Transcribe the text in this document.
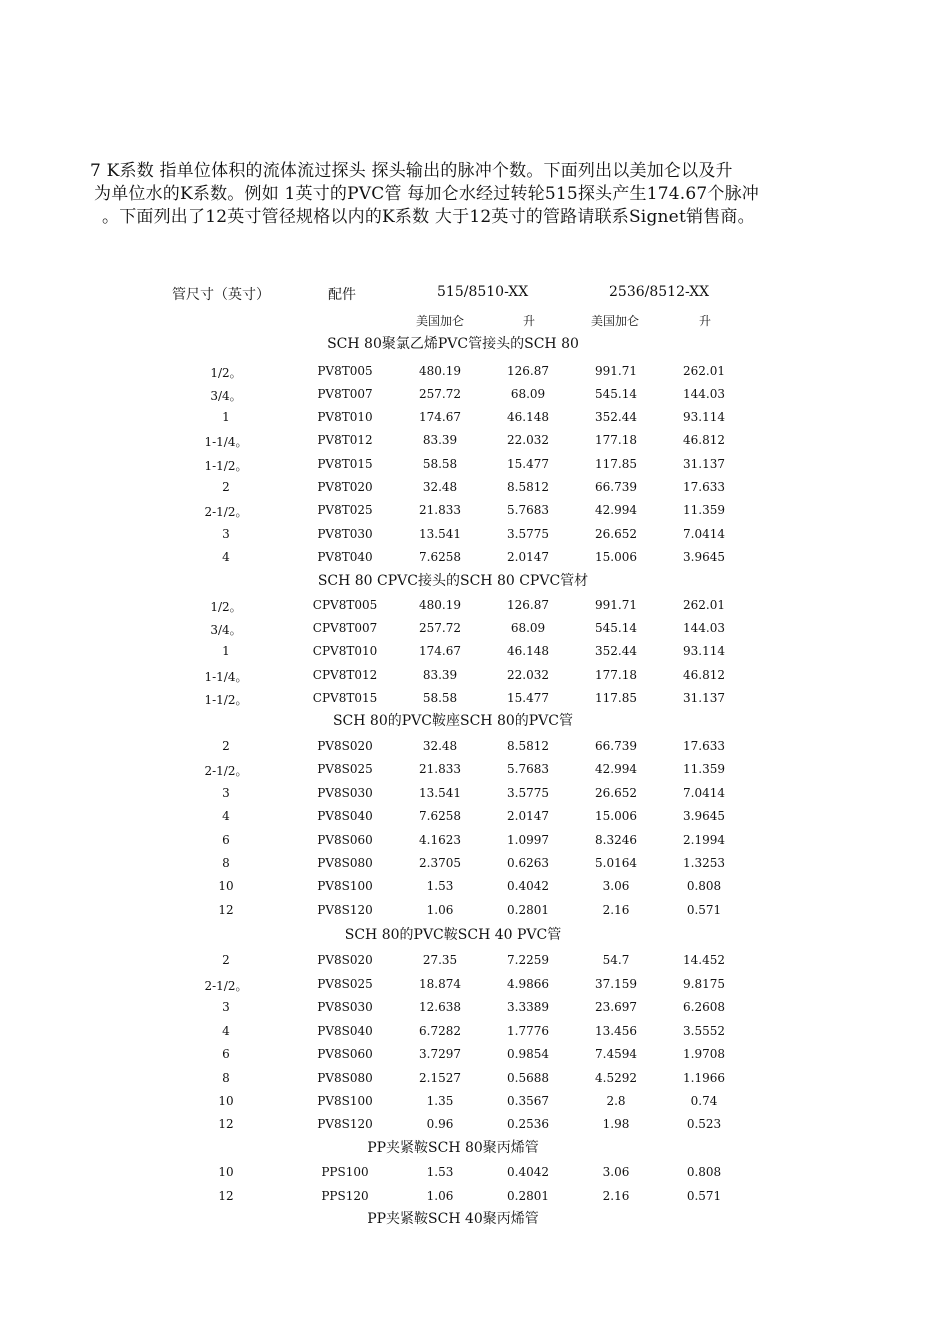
7 K系数 指单位体积的流体流过探头 探头输出的脉冲个数。下面列出以美加仑以及升

为单位水的K系数。例如 1英寸的PVC管 每加仑水经过转轮515探头产生174.67个脉冲

。下面列出了12英寸管径规格以内的K系数 大于12英寸的管路请联系Signet销售商。

管尺寸（英寸）	配件	515/8510-XX	2536/8512-XX
美国加仑	升	美国加仑	升
SCH 80聚氯乙烯PVC管接头的SCH 80
1/2。	PV8T005	480.19	126.87	991.71	262.01
3/4。	PV8T007	257.72	68.09	545.14	144.03
1	PV8T010	174.67	46.148	352.44	93.114
1-1/4。	PV8T012	83.39	22.032	177.18	46.812
1-1/2。	PV8T015	58.58	15.477	117.85	31.137
2	PV8T020	32.48	8.5812	66.739	17.633
2-1/2。	PV8T025	21.833	5.7683	42.994	11.359
3	PV8T030	13.541	3.5775	26.652	7.0414
4	PV8T040	7.6258	2.0147	15.006	3.9645
SCH 80 CPVC接头的SCH 80 CPVC管材
1/2。	CPV8T005	480.19	126.87	991.71	262.01
3/4。	CPV8T007	257.72	68.09	545.14	144.03
1	CPV8T010	174.67	46.148	352.44	93.114
1-1/4。	CPV8T012	83.39	22.032	177.18	46.812
1-1/2。	CPV8T015	58.58	15.477	117.85	31.137
SCH 80的PVC鞍座SCH 80的PVC管
2	PV8S020	32.48	8.5812	66.739	17.633
2-1/2。	PV8S025	21.833	5.7683	42.994	11.359
3	PV8S030	13.541	3.5775	26.652	7.0414
4	PV8S040	7.6258	2.0147	15.006	3.9645
6	PV8S060	4.1623	1.0997	8.3246	2.1994
8	PV8S080	2.3705	0.6263	5.0164	1.3253
10	PV8S100	1.53	0.4042	3.06	0.808
12	PV8S120	1.06	0.2801	2.16	0.571
SCH 80的PVC鞍SCH 40 PVC管
2	PV8S020	27.35	7.2259	54.7	14.452
2-1/2。	PV8S025	18.874	4.9866	37.159	9.8175
3	PV8S030	12.638	3.3389	23.697	6.2608
4	PV8S040	6.7282	1.7776	13.456	3.5552
6	PV8S060	3.7297	0.9854	7.4594	1.9708
8	PV8S080	2.1527	0.5688	4.5292	1.1966
10	PV8S100	1.35	0.3567	2.8	0.74
12	PV8S120	0.96	0.2536	1.98	0.523
PP夹紧鞍SCH 80聚丙烯管
10	PPS100	1.53	0.4042	3.06	0.808
12	PPS120	1.06	0.2801	2.16	0.571
PP夹紧鞍SCH 40聚丙烯管
